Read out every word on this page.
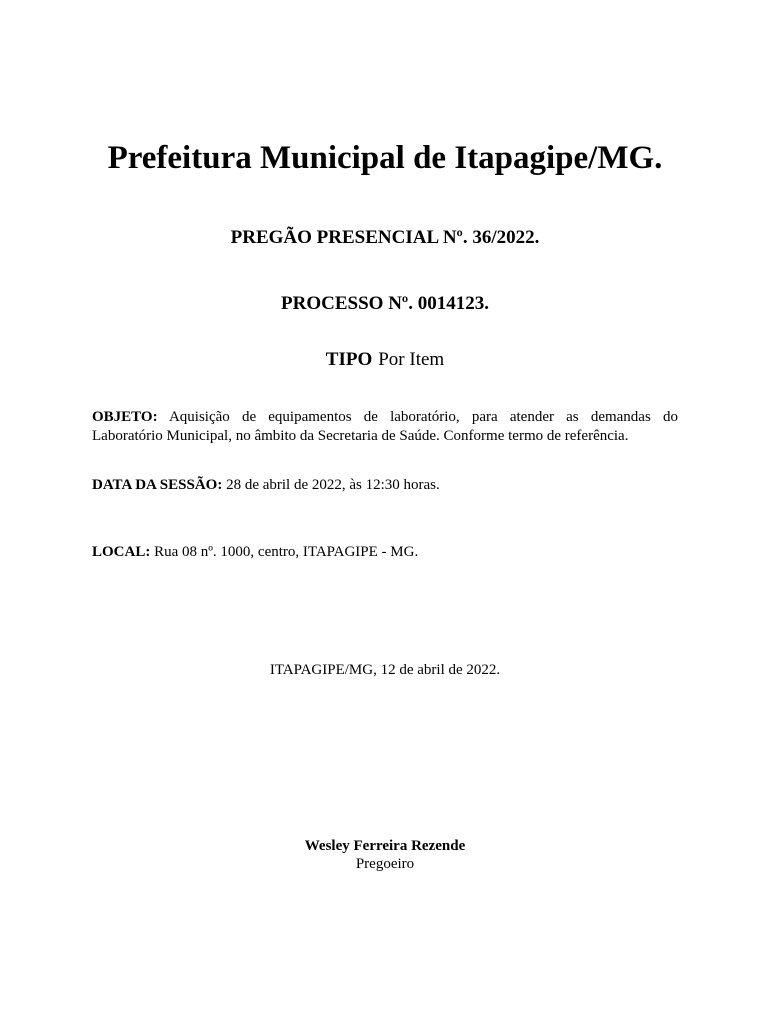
Prefeitura Municipal de Itapagipe/MG.
PREGÃO PRESENCIAL Nº. 36/2022.
PROCESSO Nº. 0014123.
TIPO Por Item
OBJETO: Aquisição de equipamentos de laboratório, para atender as demandas do
Laboratório Municipal, no âmbito da Secretaria de Saúde. Conforme termo de referência.
DATA DA SESSÃO: 28 de abril de 2022, às 12:30 horas.
LOCAL: Rua 08 nº. 1000, centro, ITAPAGIPE - MG.
ITAPAGIPE/MG, 12 de abril de 2022.
Wesley Ferreira Rezende
Pregoeiro
